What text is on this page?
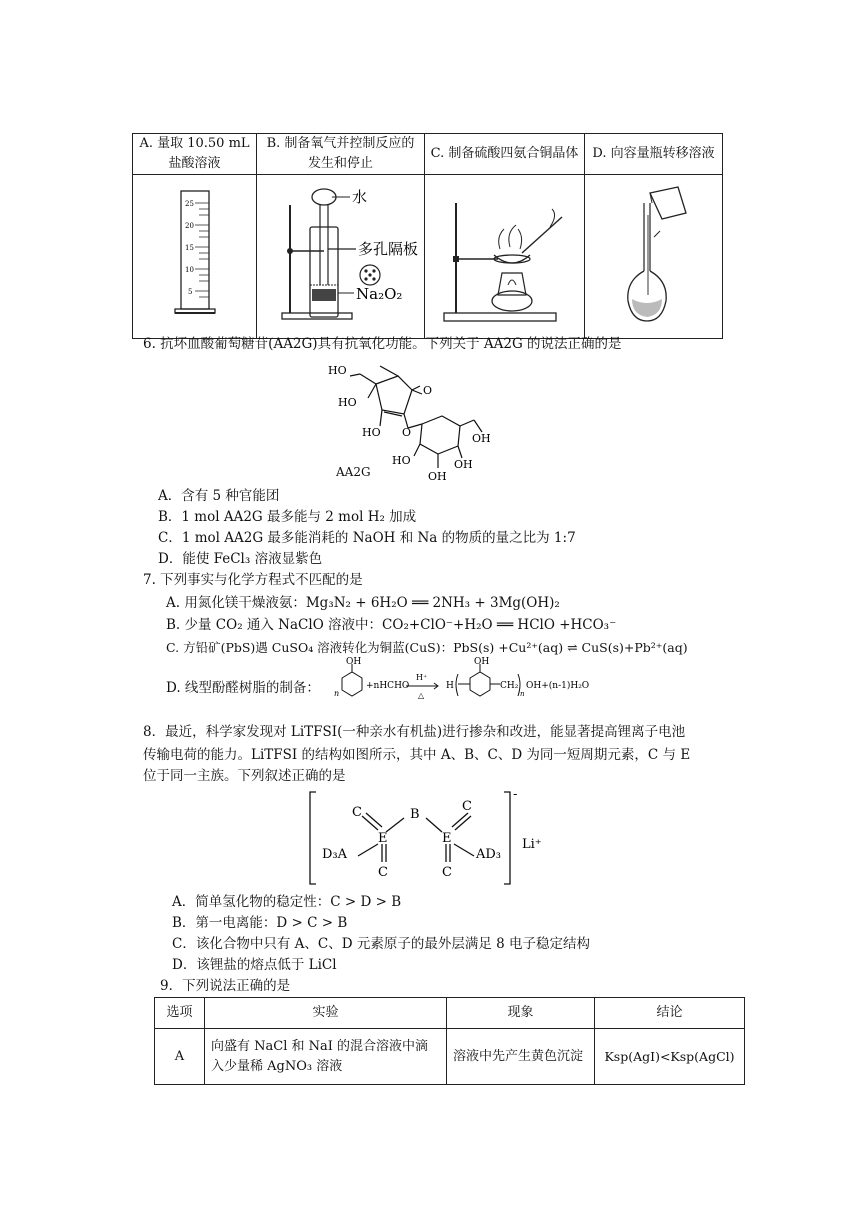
A. 量取 10.50 mL 盐酸溶液	B. 制备氧气并控制反应的发生和停止	C. 制备硫酸四氨合铜晶体	D. 向容量瓶转移溶液

25
20
15
10
5	水
多孔隔板
Na₂O₂

6. 抗坏血酸葡萄糖苷(AA2G)具有抗氧化功能。下列关于 AA2G 的说法正确的是
HO
HO
O
HO O	OH
HO	OH
OH
AA2G
A．含有 5 种官能团
B．1 mol AA2G 最多能与 2 mol H₂ 加成
C．1 mol AA2G 最多能消耗的 NaOH 和 Na 的物质的量之比为 1:7
D．能使 FeCl₃ 溶液显紫色
7. 下列事实与化学方程式不匹配的是
A. 用氮化镁干燥液氨：Mg₃N₂ + 6H₂O ══ 2NH₃ + 3Mg(OH)₂
B. 少量 CO₂ 通入 NaClO 溶液中：CO₂+ClO⁻+H₂O ══ HClO +HCO₃⁻
C. 方铅矿(PbS)遇 CuSO₄ 溶液转化为铜蓝(CuS)：PbS(s) +Cu²⁺(aq) ⇌ CuS(s)+Pb²⁺(aq)
D. 线型酚醛树脂的制备：
OH
n
+nHCHO
H⁺
△
H
OH
CH₂
n
OH+(n-1)H₂O
8．最近，科学家发现对 LiTFSI(一种亲水有机盐)进行掺杂和改进，能显著提高锂离子电池
传输电荷的能力。LiTFSI 的结构如图所示，其中 A、B、C、D 为同一短周期元素，C 与 E
位于同一主族。下列叙述正确的是
C
E
B
E
C
C	C
D₃A	AD₃
-
Li⁺
A．简单氢化物的稳定性：C > D > B
B．第一电离能：D > C > B
C．该化合物中只有 A、C、D 元素原子的最外层满足 8 电子稳定结构
D．该锂盐的熔点低于 LiCl
9．下列说法正确的是
选项	实验	现象	结论
A	向盛有 NaCl 和 NaI 的混合溶液中滴入少量稀 AgNO₃ 溶液	溶液中先产生黄色沉淀	Ksp(AgI)<Ksp(AgCl)
